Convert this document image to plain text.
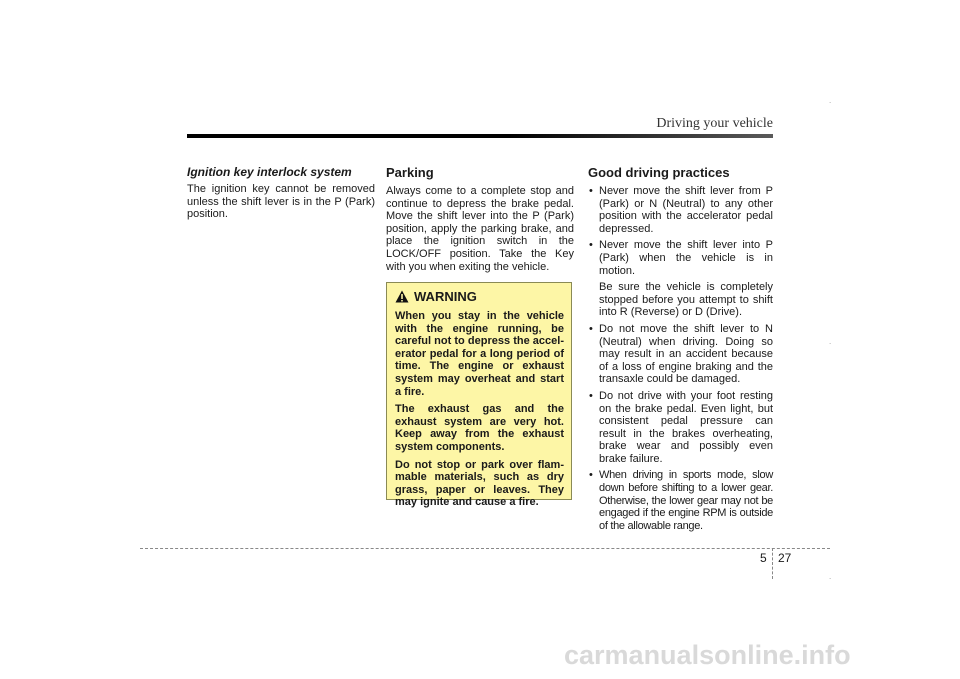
Driving your vehicle
Ignition key interlock system

The ignition key cannot be removed unless the shift lever is in the P (Park) position.

Parking

Always come to a complete stop and continue to depress the brake pedal. Move the shift lever into the P (Park) position, apply the parking brake, and place the ignition switch in the LOCK/OFF position. Take the Key with you when exiting the vehicle.

WARNING

When you stay in the vehicle with the engine running, be careful not to depress the accel-erator pedal for a long period of time. The engine or exhaust system may overheat and start a fire.

The exhaust gas and the exhaust system are very hot. Keep away from the exhaust system components.

Do not stop or park over flam-mable materials, such as dry grass, paper or leaves. They may ignite and cause a fire.

Good driving practices
• Never move the shift lever from P (Park) or N (Neutral) to any other position with the accelerator pedal depressed.
• Never move the shift lever into P (Park) when the vehicle is in motion.
Be sure the vehicle is completely stopped before you attempt to shift into R (Reverse) or D (Drive).
• Do not move the shift lever to N (Neutral) when driving. Doing so may result in an accident because of a loss of engine braking and the transaxle could be damaged.
• Do not drive with your foot resting on the brake pedal. Even light, but consistent pedal pressure can result in the brakes overheating, brake wear and possibly even brake failure.
• When driving in sports mode, slow down before shifting to a lower gear. Otherwise, the lower gear may not be engaged if the engine RPM is outside of the allowable range.
5 27
.
.
.
carmanualsonline.info
